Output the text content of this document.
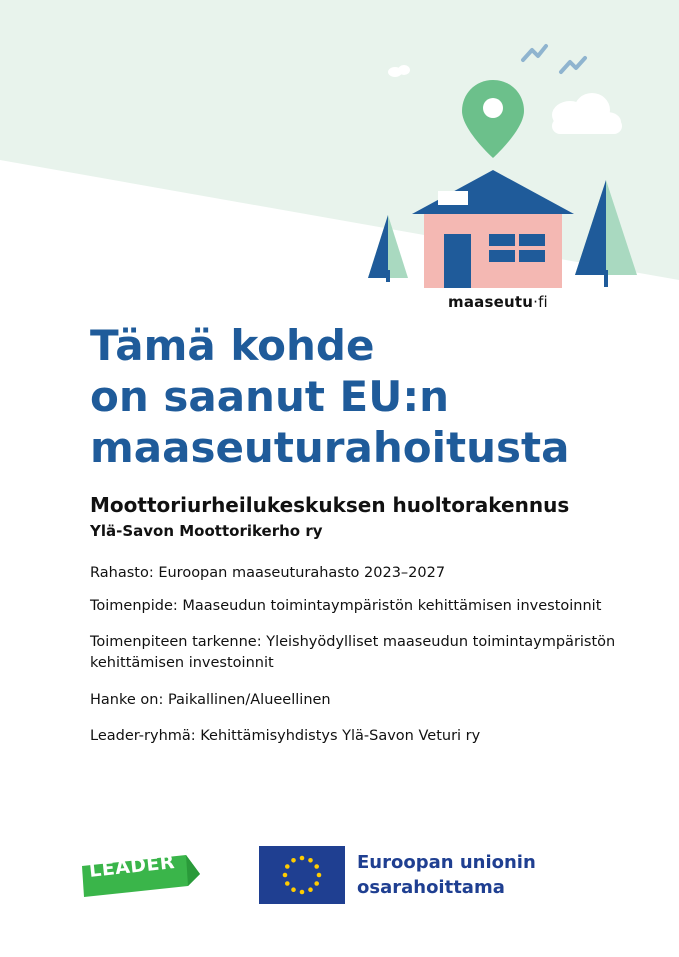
maaseutu·fi
Tämä kohde
on saanut EU:n
maaseuturahoitusta
Moottoriurheilukeskuksen huoltorakennus

Ylä-Savon Moottorikerho ry

Rahasto: Euroopan maaseuturahasto 2023–2027

Toimenpide: Maaseudun toimintaympäristön kehittämisen investoinnit

Toimenpiteen tarkenne: Yleishyödylliset maaseudun toimintaympäristön kehittämisen investoinnit

Hanke on: Paikallinen/Alueellinen

Leader-ryhmä: Kehittämisyhdistys Ylä-Savon Veturi ry

LEADER	Euroopan unionin
osarahoittama
